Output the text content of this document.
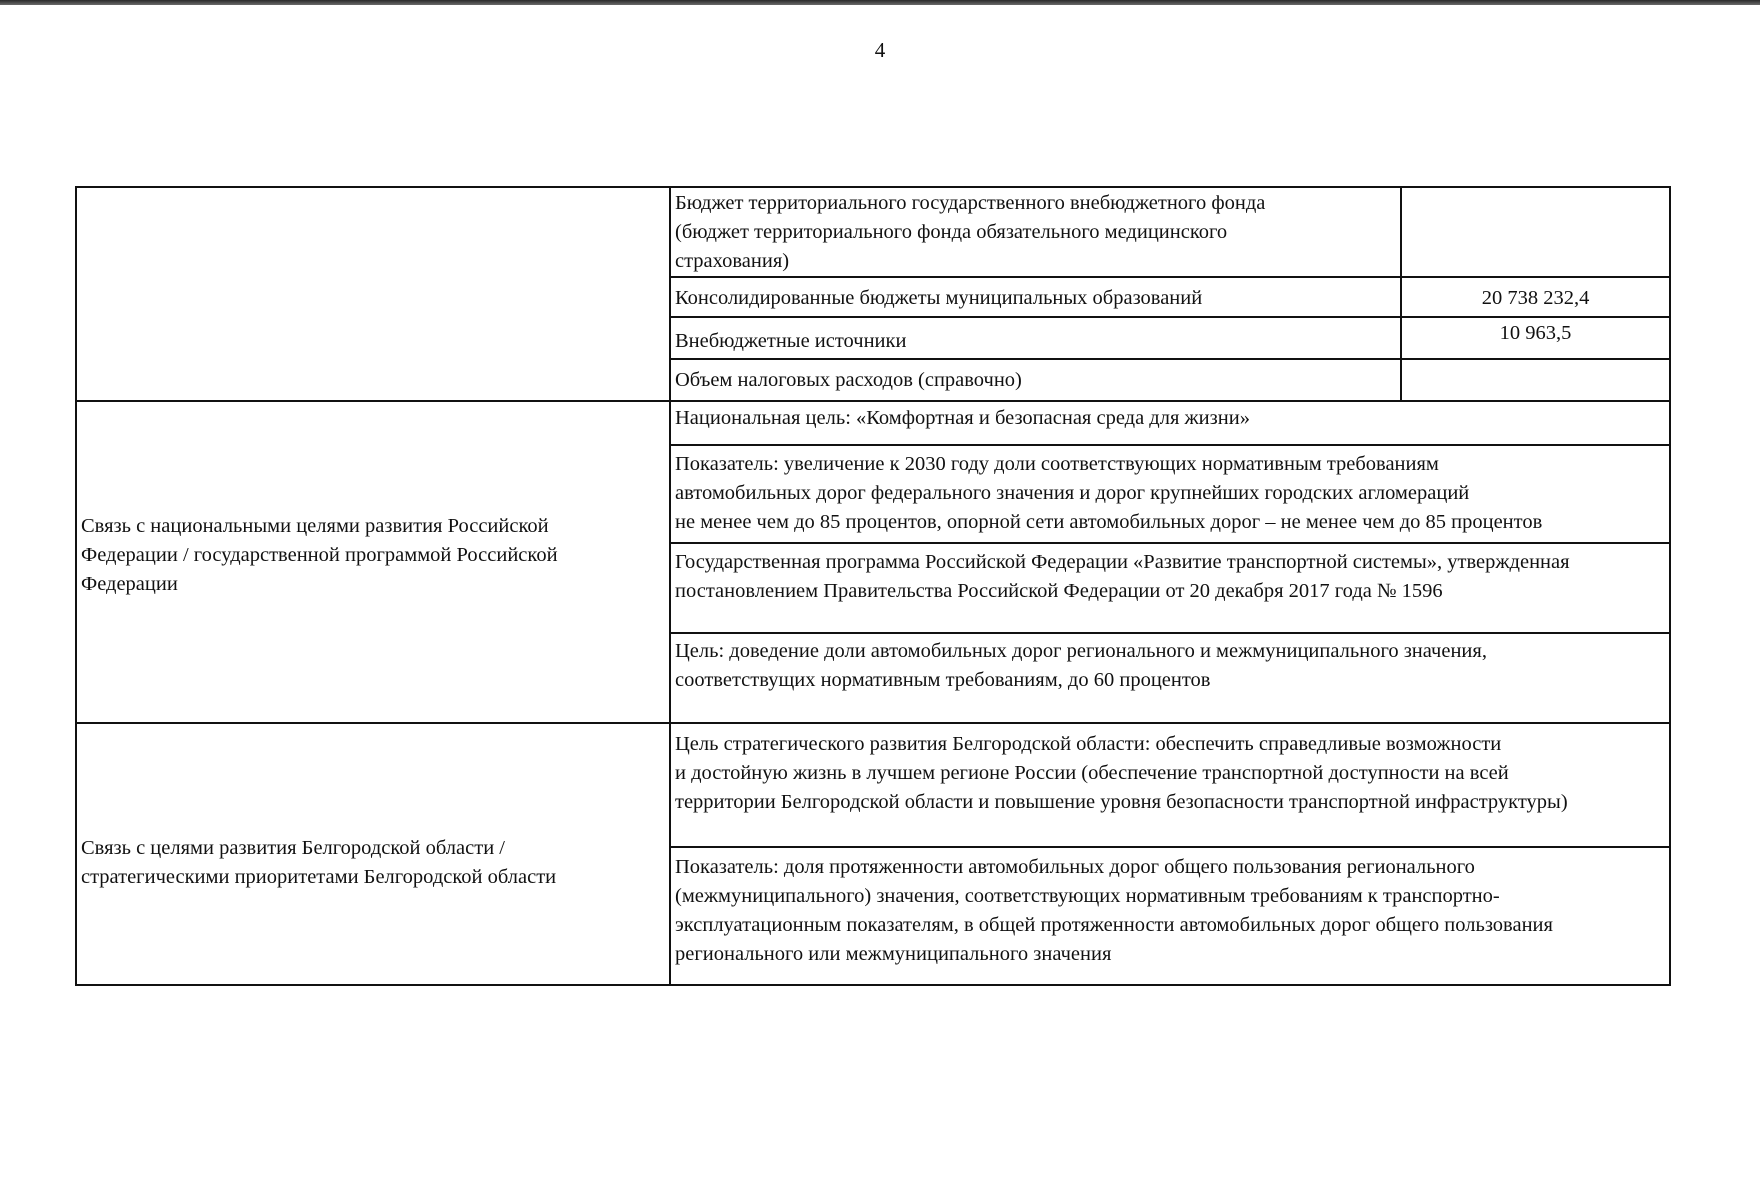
4
Бюджет территориального государственного внебюджетного фонда
(бюджет территориального фонда обязательного медицинского
страхования)
Консолидированные бюджеты муниципальных образований	20 738 232,4
Внебюджетные источники	10 963,5
Объем налоговых расходов (справочно)
Связь с национальными целями развития Российской
Федерации / государственной программой Российской
Федерации
Национальная цель: «Комфортная и безопасная среда для жизни»
Показатель: увеличение к 2030 году доли соответствующих нормативным требованиям
автомобильных дорог федерального значения и дорог крупнейших городских агломераций
не менее чем до 85 процентов, опорной сети автомобильных дорог – не менее чем до 85 процентов
Государственная программа Российской Федерации «Развитие транспортной системы», утвержденная
постановлением Правительства Российской Федерации от 20 декабря 2017 года № 1596
Цель: доведение доли автомобильных дорог регионального и межмуниципального значения,
соответствущих нормативным требованиям, до 60 процентов
Связь с целями развития Белгородской области /
стратегическими приоритетами Белгородской области
Цель стратегического развития Белгородской области: обеспечить справедливые возможности
и достойную жизнь в лучшем регионе России (обеспечение транспортной доступности на всей
территории Белгородской области и повышение уровня безопасности транспортной инфраструктуры)
Показатель: доля протяженности автомобильных дорог общего пользования регионального
(межмуниципального) значения, соответствующих нормативным требованиям к транспортно-
эксплуатационным показателям, в общей протяженности автомобильных дорог общего пользования
регионального или межмуниципального значения
